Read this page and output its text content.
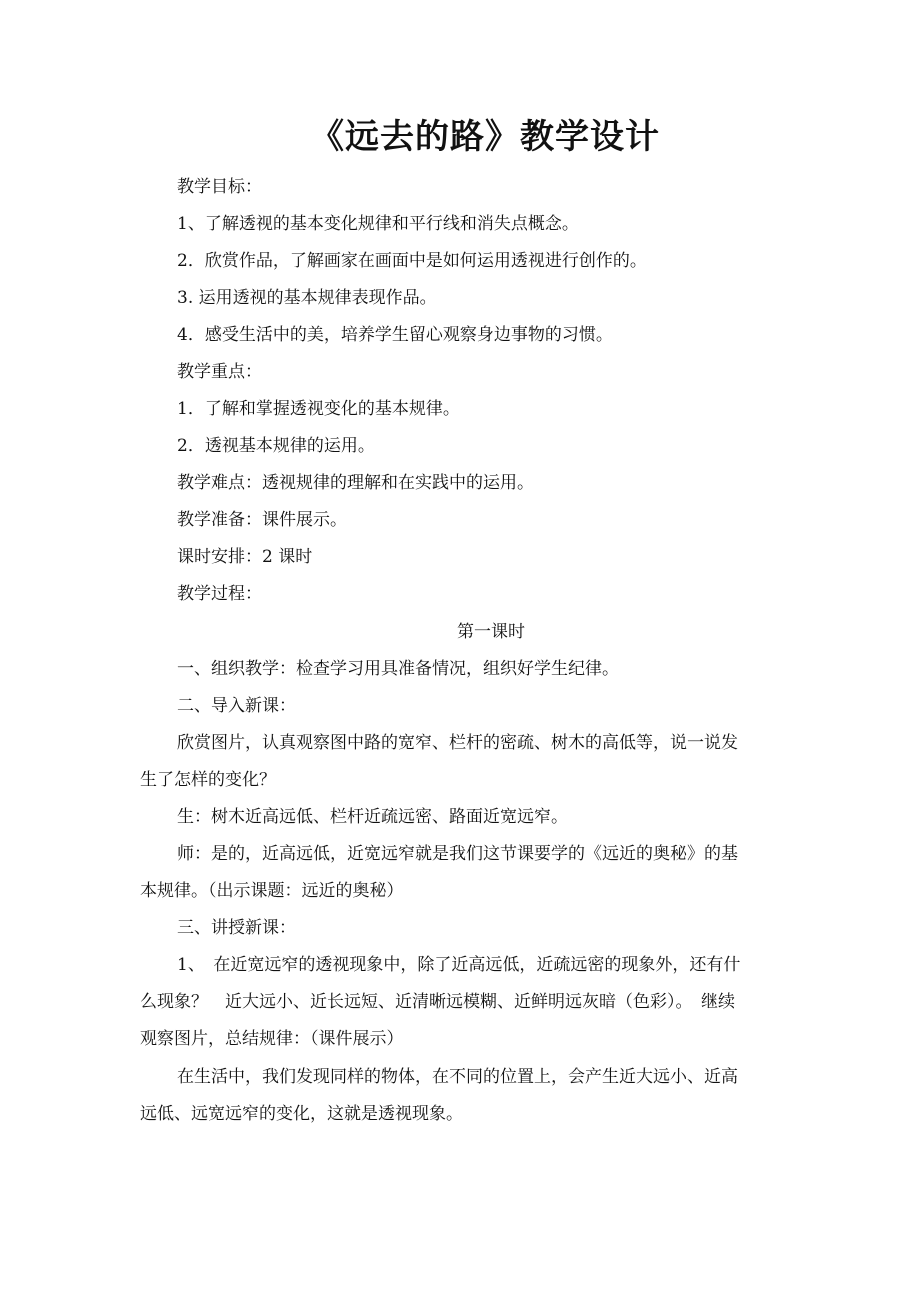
《远去的路》教学设计
教学目标：
1、了解透视的基本变化规律和平行线和消失点概念。
2．欣赏作品，了解画家在画面中是如何运用透视进行创作的。
3. 运用透视的基本规律表现作品。
4．感受生活中的美，培养学生留心观察身边事物的习惯。
教学重点：
1．了解和掌握透视变化的基本规律。
2．透视基本规律的运用。
教学难点：透视规律的理解和在实践中的运用。
教学准备：课件展示。
课时安排：2 课时
教学过程：
第一课时
一、组织教学：检查学习用具准备情况，组织好学生纪律。
二、导入新课：
欣赏图片，认真观察图中路的宽窄、栏杆的密疏、树木的高低等，说一说发
生了怎样的变化？
生：树木近高远低、栏杆近疏远密、路面近宽远窄。
师：是的，近高远低，近宽远窄就是我们这节课要学的《远近的奥秘》的基
本规律。（出示课题：远近的奥秘）
三、讲授新课：
1、　在近宽远窄的透视现象中，除了近高远低，近疏远密的现象外，还有什
么现象？　近大远小、近长远短、近清晰远模糊、近鲜明远灰暗（色彩）。　继续
观察图片，总结规律：（课件展示）
在生活中，我们发现同样的物体，在不同的位置上，会产生近大远小、近高
远低、远宽远窄的变化，这就是透视现象。
